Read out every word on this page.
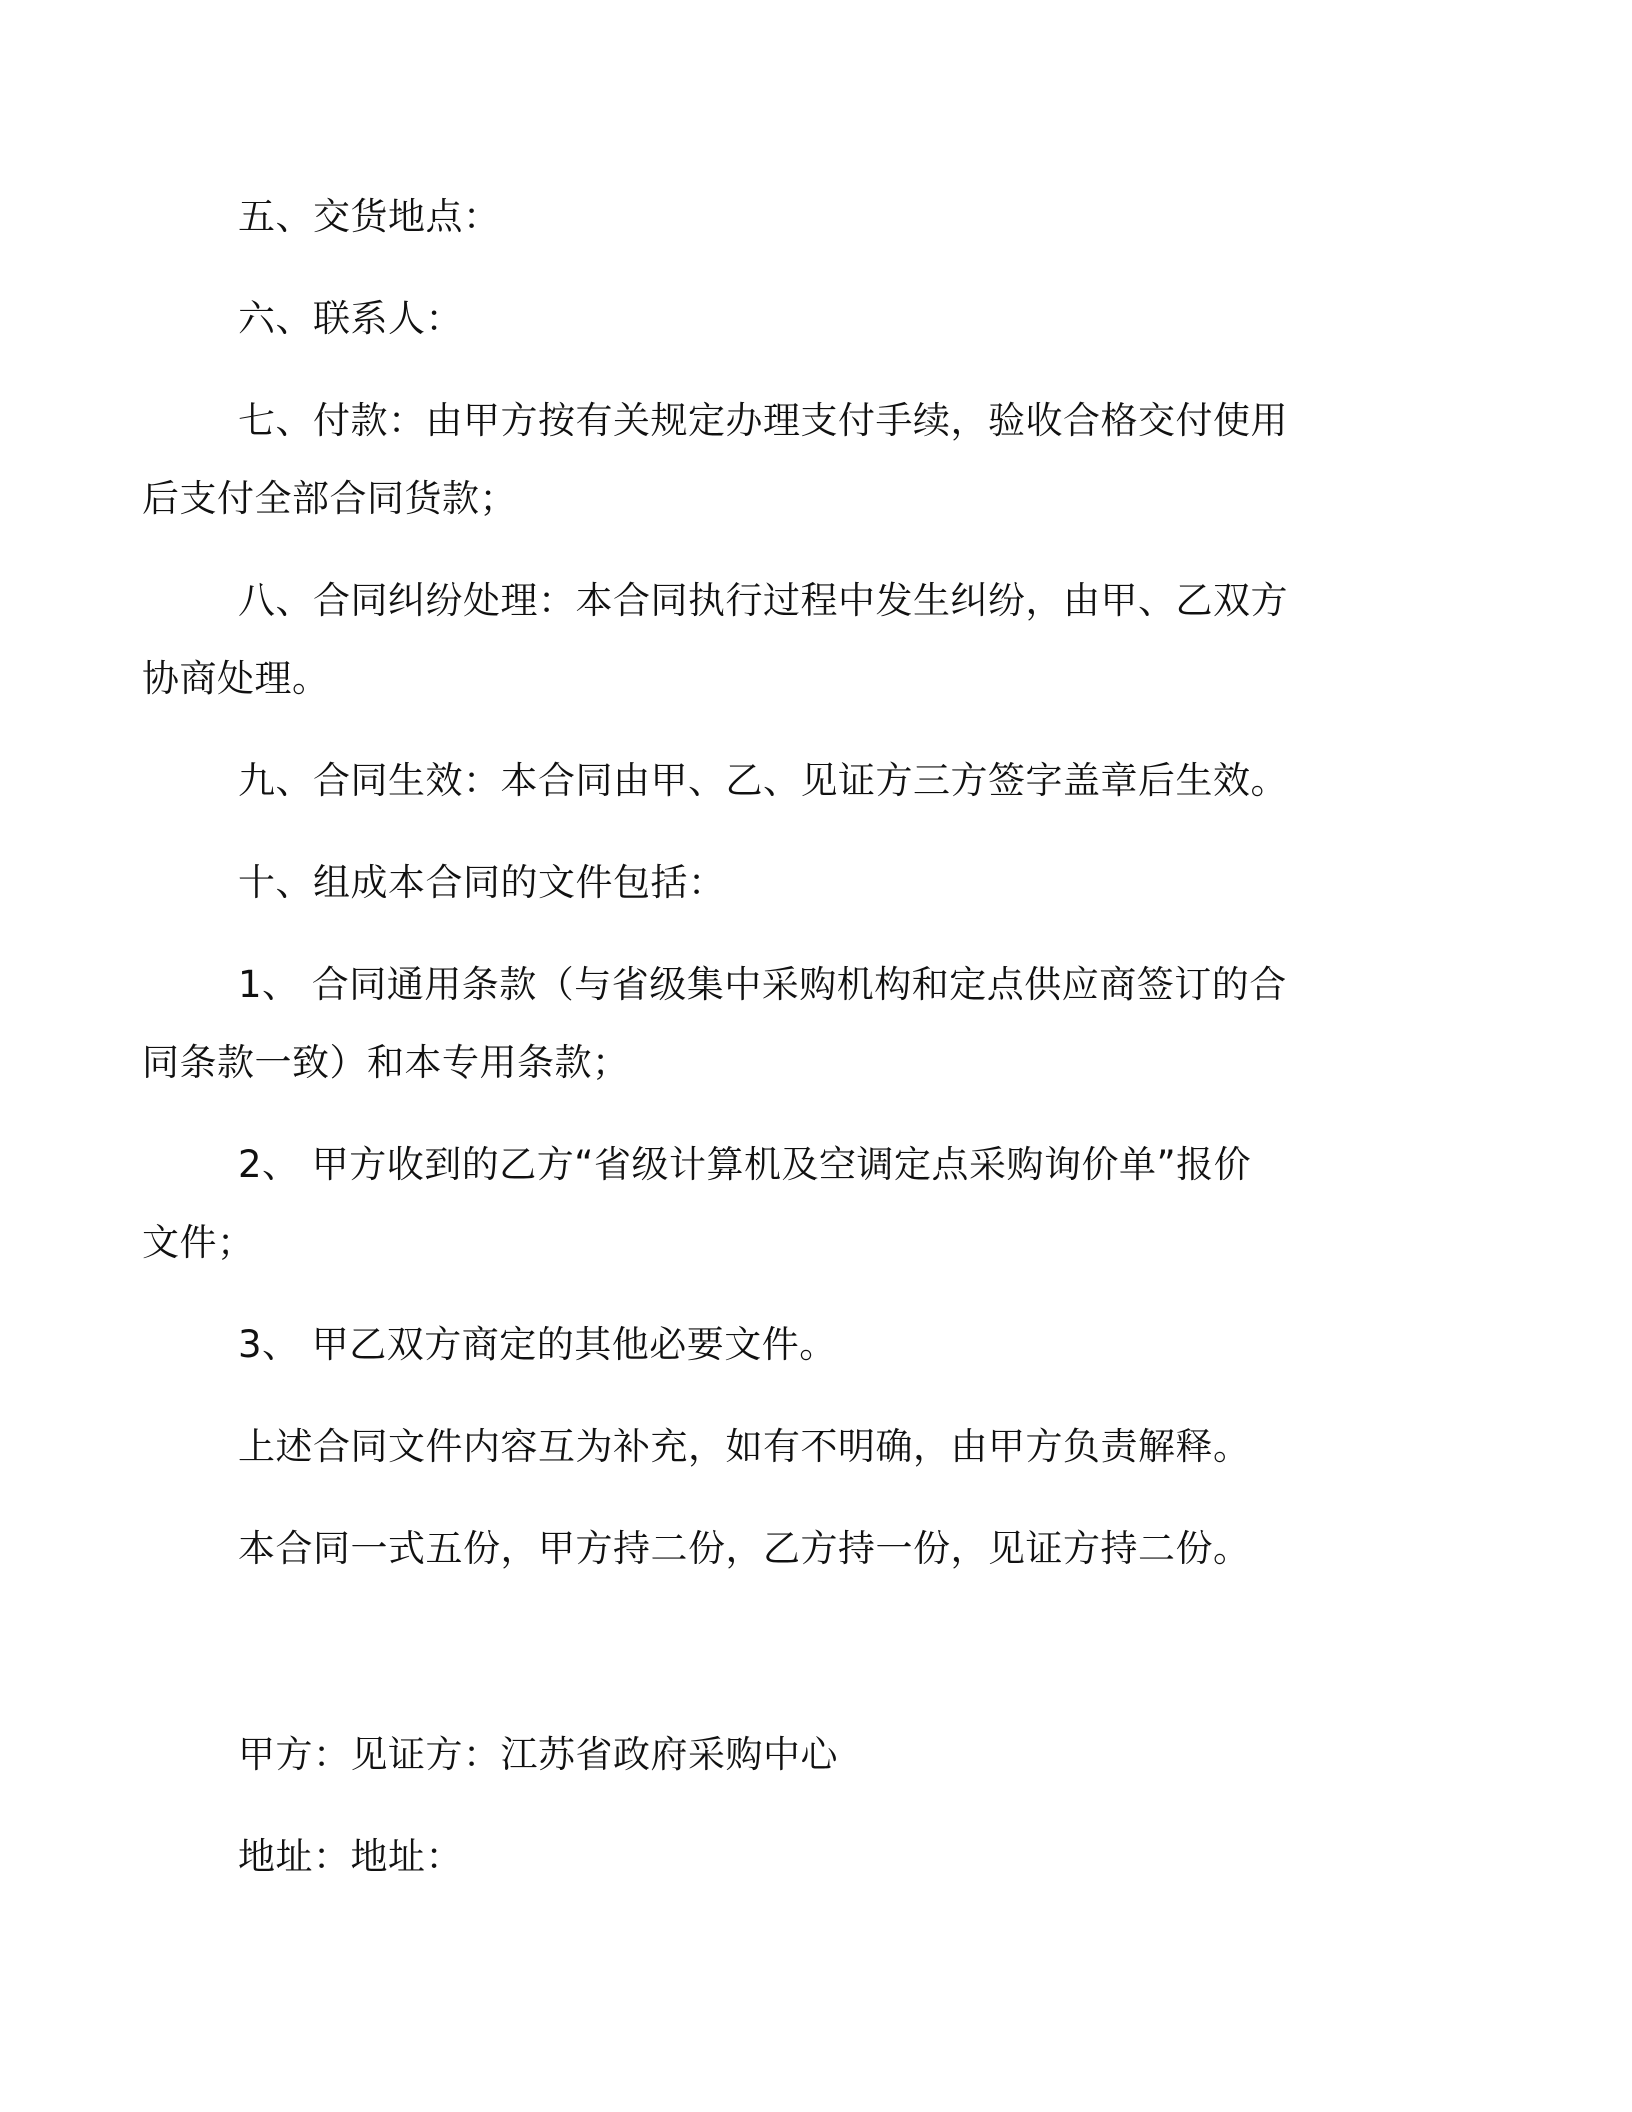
五、交货地点：

六、联系人：

七、付款：由甲方按有关规定办理支付手续，验收合格交付使用
后支付全部合同货款；

八、合同纠纷处理：本合同执行过程中发生纠纷，由甲、乙双方
协商处理。

九、合同生效：本合同由甲、乙、见证方三方签字盖章后生效。

十、组成本合同的文件包括：

1、 合同通用条款（与省级集中采购机构和定点供应商签订的合
同条款一致）和本专用条款；

2、 甲方收到的乙方“省级计算机及空调定点采购询价单”报价
文件；

3、 甲乙双方商定的其他必要文件。

上述合同文件内容互为补充，如有不明确，由甲方负责解释。

本合同一式五份，甲方持二份，乙方持一份，见证方持二份。

甲方：见证方：江苏省政府采购中心

地址：地址：
